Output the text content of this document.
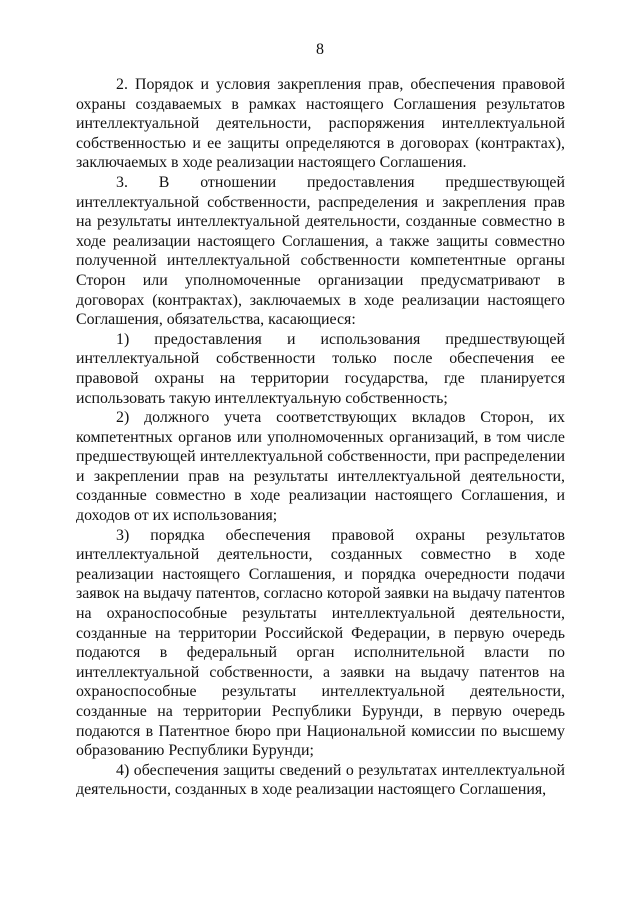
8

2. Порядок и условия закрепления прав, обеспечения правовой охраны создаваемых в рамках настоящего Соглашения результатов интеллектуальной деятельности, распоряжения интеллектуальной собственностью и ее защиты определяются в договорах (контрактах), заключаемых в ходе реализации настоящего Соглашения.

3. В отношении предоставления предшествующей интеллектуальной собственности, распределения и закрепления прав на результаты интеллектуальной деятельности, созданные совместно в ходе реализации настоящего Соглашения, а также защиты совместно полученной интеллектуальной собственности компетентные органы Сторон или уполномоченные организации предусматривают в договорах (контрактах), заключаемых в ходе реализации настоящего Соглашения, обязательства, касающиеся:

1) предоставления и использования предшествующей интеллектуальной собственности только после обеспечения ее правовой охраны на территории государства, где планируется использовать такую интеллектуальную собственность;

2) должного учета соответствующих вкладов Сторон, их компетентных органов или уполномоченных организаций, в том числе предшествующей интеллектуальной собственности, при распределении и закреплении прав на результаты интеллектуальной деятельности, созданные совместно в ходе реализации настоящего Соглашения, и доходов от их использования;

3) порядка обеспечения правовой охраны результатов интеллектуальной деятельности, созданных совместно в ходе реализации настоящего Соглашения, и порядка очередности подачи заявок на выдачу патентов, согласно которой заявки на выдачу патентов на охраноспособные результаты интеллектуальной деятельности, созданные на территории Российской Федерации, в первую очередь подаются в федеральный орган исполнительной власти по интеллектуальной собственности, а заявки на выдачу патентов на охраноспособные результаты интеллектуальной деятельности, созданные на территории Республики Бурунди, в первую очередь подаются в Патентное бюро при Национальной комиссии по высшему образованию Республики Бурунди;

4) обеспечения защиты сведений о результатах интеллектуальной деятельности, созданных в ходе реализации настоящего Соглашения,
